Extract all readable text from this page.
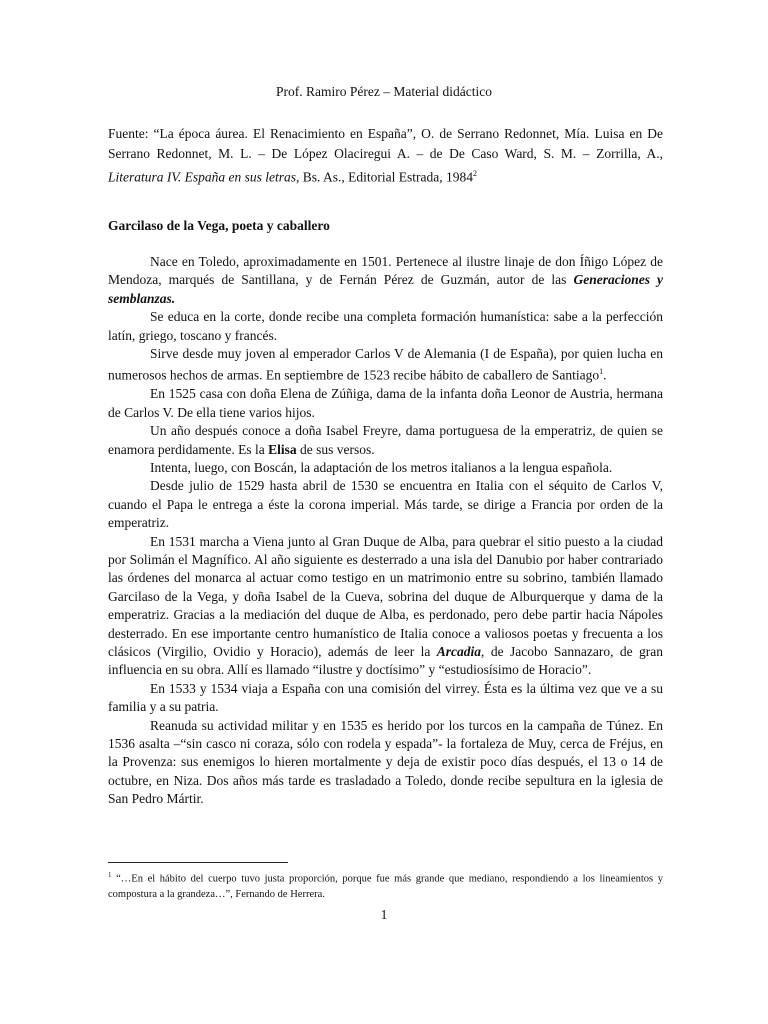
Prof. Ramiro Pérez – Material didáctico
Fuente: “La época áurea. El Renacimiento en España”, O. de Serrano Redonnet, Mía. Luisa en De Serrano Redonnet, M. L. – De López Olaciregui A. – de De Caso Ward, S. M. – Zorrilla, A., Literatura IV. España en sus letras, Bs. As., Editorial Estrada, 1984$^2$
Garcilaso de la Vega, poeta y caballero

Nace en Toledo, aproximadamente en 1501. Pertenece al ilustre linaje de don Íñigo López de Mendoza, marqués de Santillana, y de Fernán Pérez de Guzmán, autor de las Generaciones y semblanzas.

Se educa en la corte, donde recibe una completa formación humanística: sabe a la perfección latín, griego, toscano y francés.

Sirve desde muy joven al emperador Carlos V de Alemania (I de España), por quien lucha en numerosos hechos de armas. En septiembre de 1523 recibe hábito de caballero de Santiago$^1$.

En 1525 casa con doña Elena de Zúñiga, dama de la infanta doña Leonor de Austria, hermana de Carlos V. De ella tiene varios hijos.

Un año después conoce a doña Isabel Freyre, dama portuguesa de la emperatriz, de quien se enamora perdidamente. Es la Elisa de sus versos.

Intenta, luego, con Boscán, la adaptación de los metros italianos a la lengua española.

Desde julio de 1529 hasta abril de 1530 se encuentra en Italia con el séquito de Carlos V, cuando el Papa le entrega a éste la corona imperial. Más tarde, se dirige a Francia por orden de la emperatriz.

En 1531 marcha a Viena junto al Gran Duque de Alba, para quebrar el sitio puesto a la ciudad por Solimán el Magnífico. Al año siguiente es desterrado a una isla del Danubio por haber contrariado las órdenes del monarca al actuar como testigo en un matrimonio entre su sobrino, también llamado Garcilaso de la Vega, y doña Isabel de la Cueva, sobrina del duque de Alburquerque y dama de la emperatriz. Gracias a la mediación del duque de Alba, es perdonado, pero debe partir hacia Nápoles desterrado. En ese importante centro humanístico de Italia conoce a valiosos poetas y frecuenta a los clásicos (Virgilio, Ovidio y Horacio), además de leer la Arcadia, de Jacobo Sannazaro, de gran influencia en su obra. Allí es llamado “ilustre y doctísimo” y “estudiosísimo de Horacio”.

En 1533 y 1534 viaja a España con una comisión del virrey. Ésta es la última vez que ve a su familia y a su patria.

Reanuda su actividad militar y en 1535 es herido por los turcos en la campaña de Túnez. En 1536 asalta –“sin casco ni coraza, sólo con rodela y espada”- la fortaleza de Muy, cerca de Fréjus, en la Provenza: sus enemigos lo hieren mortalmente y deja de existir poco días después, el 13 o 14 de octubre, en Niza. Dos años más tarde es trasladado a Toledo, donde recibe sepultura en la iglesia de San Pedro Mártir.

$^1$ “…En el hábito del cuerpo tuvo justa proporción, porque fue más grande que mediano, respondiendo a los lineamientos y compostura a la grandeza…”, Fernando de Herrera.
1
